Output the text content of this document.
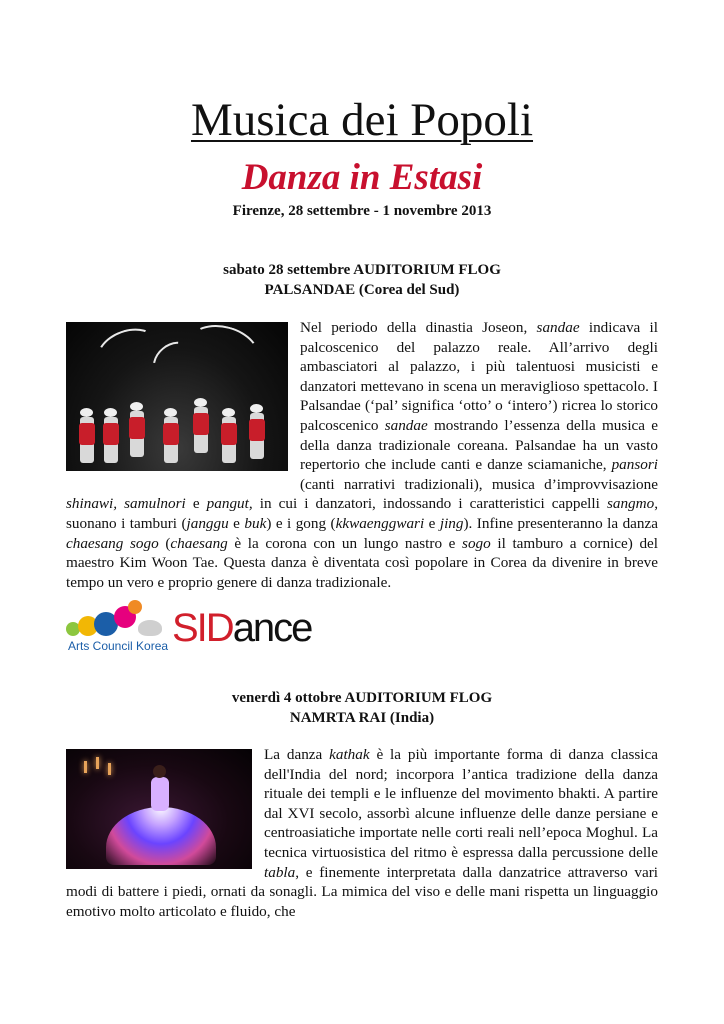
Musica dei Popoli
Danza in Estasi
Firenze, 28 settembre - 1 novembre 2013
sabato 28 settembre AUDITORIUM FLOG
PALSANDAE (Corea del Sud)
Nel periodo della dinastia Joseon, sandae indicava il palcoscenico del palazzo reale. All’arrivo degli ambasciatori al palazzo, i più talentuosi musicisti e danzatori mettevano in scena un meraviglioso spettacolo. I Palsandae (‘pal’ significa ‘otto’ o ‘intero’) ricrea lo storico palcoscenico sandae mostrando l’essenza della musica e della danza tradizionale coreana. Palsandae ha un vasto repertorio che include canti e danze sciamaniche, pansori (canti narrativi tradizionali), musica d’improvvisazione shinawi, samulnori e pangut, in cui i danzatori, indossando i caratteristici cappelli sangmo, suonano i tamburi (janggu e buk) e i gong (kkwaenggwari e jing). Infine presenteranno la danza chaesang sogo (chaesang è la corona con un lungo nastro e sogo il tamburo a cornice) del maestro Kim Woon Tae. Questa danza è diventata così popolare in Corea da divenire in breve tempo un vero e proprio genere di danza tradizionale.
Arts Council Korea SIDance
venerdì 4 ottobre AUDITORIUM FLOG
NAMRTA RAI (India)
La danza kathak è la più importante forma di danza classica dell'India del nord; incorpora l’antica tradizione della danza rituale dei templi e le influenze del movimento bhakti. A partire dal XVI secolo, assorbì alcune influenze delle danze persiane e centroasiatiche importate nelle corti reali nell’epoca Moghul. La tecnica virtuosistica del ritmo è espressa dalla percussione delle tabla, e finemente interpretata dalla danzatrice attraverso vari modi di battere i piedi, ornati da sonagli. La mimica del viso e delle mani rispetta un linguaggio emotivo molto articolato e fluido, che
